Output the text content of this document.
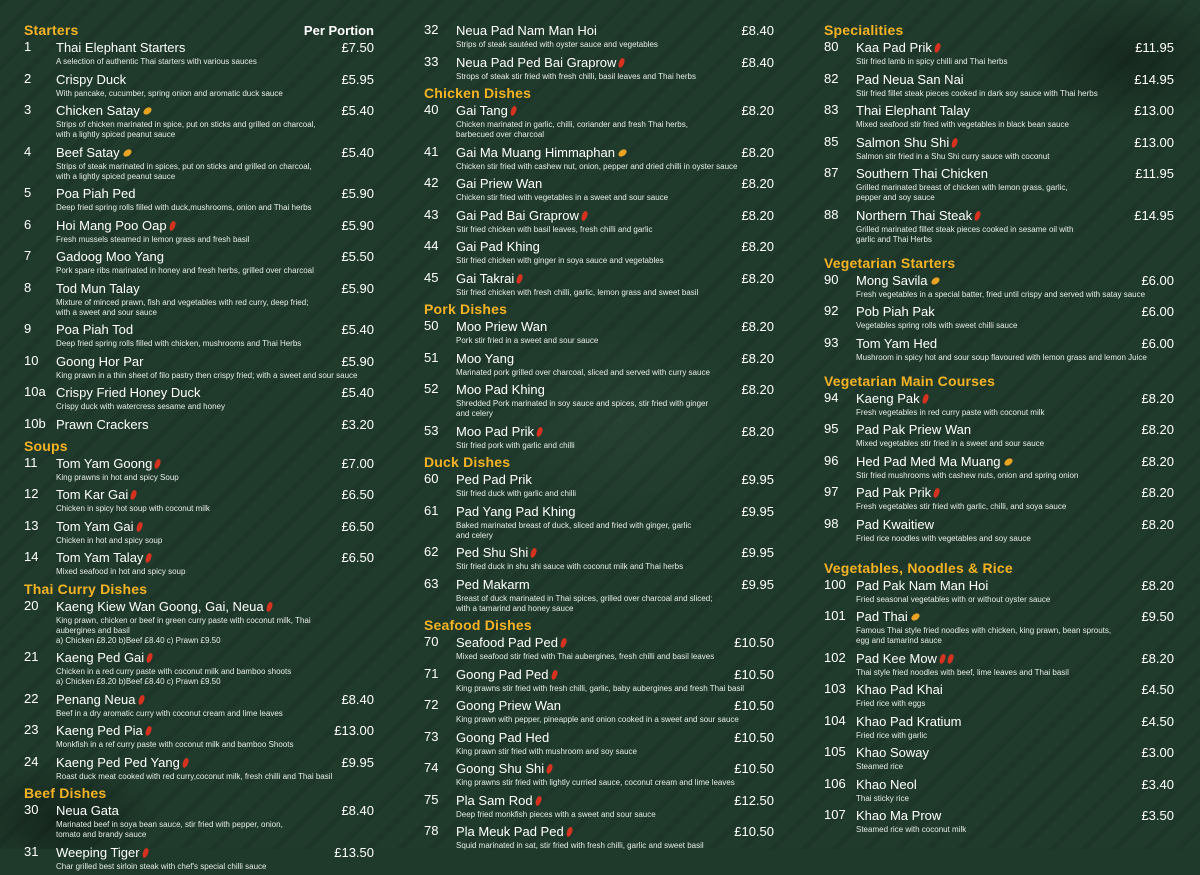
Starters	Per Portion
1 Thai Elephant Starters	£7.50
A selection of authentic Thai starters with various sauces
2 Crispy Duck	£5.95
With pancake, cucumber, spring onion and aromatic duck sauce
3 Chicken Satay	£5.40
Strips of chicken marinated in spice, put on sticks and grilled on charcoal,
with a lightly spiced peanut sauce
4 Beef Satay	£5.40
Strips of steak marinated in spices, put on sticks and grilled on charcoal,
with a lightly spiced peanut sauce
5 Poa Piah Ped	£5.90
Deep fried spring rolls filled with duck,mushrooms, onion and Thai herbs
6 Hoi Mang Poo Oap	£5.90
Fresh mussels steamed in lemon grass and fresh basil
7 Gadoog Moo Yang	£5.50
Pork spare ribs marinated in honey and fresh herbs, grilled over charcoal
8 Tod Mun Talay	£5.90
Mixture of minced prawn, fish and vegetables with red curry, deep fried;
with a sweet and sour sauce
9 Poa Piah Tod	£5.40
Deep fried spring rolls filled with chicken, mushrooms and Thai Herbs
10 Goong Hor Par	£5.90
King prawn in a thin sheet of filo pastry then crispy fried; with a sweet and sour sauce
10a Crispy Fried Honey Duck	£5.40
Crispy duck with watercress sesame and honey
10b Prawn Crackers	£3.20
Soups
11 Tom Yam Goong	£7.00
King prawns in hot and spicy Soup
12 Tom Kar Gai	£6.50
Chicken in spicy hot soup with coconut milk
13 Tom Yam Gai	£6.50
Chicken in hot and spicy soup
14 Tom Yam Talay	£6.50
Mixed seafood in hot and spicy soup
Thai Curry Dishes
20 Kaeng Kiew Wan Goong, Gai, Neua
King prawn, chicken or beef in green curry paste with coconut milk, Thai
aubergines and basil
a) Chicken £8.20 b)Beef £8.40 c) Prawn £9.50
21 Kaeng Ped Gai
Chicken in a red curry paste with coconut milk and bamboo shoots
a) Chicken £8.20 b)Beef £8.40 c) Prawn £9.50
22 Penang Neua	£8.40
Beef in a dry aromatic curry with coconut cream and lime leaves
23 Kaeng Ped Pia	£13.00
Monkfish in a ref curry paste with coconut milk and bamboo Shoots
24 Kaeng Ped Ped Yang	£9.95
Roast duck meat cooked with red curry,coconut milk, fresh chilli and Thai basil
Beef Dishes
30 Neua Gata	£8.40
Marinated beef in soya bean sauce, stir fried with pepper, onion,
tomato and brandy sauce
31 Weeping Tiger	£13.50
Char grilled best sirloin steak with chef's special chilli sauce
32 Neua Pad Nam Man Hoi	£8.40
Strips of steak sautéed with oyster sauce and vegetables
33 Neua Pad Ped Bai Graprow	£8.40
Strops of steak stir fried with fresh chilli, basil leaves and Thai herbs
Chicken Dishes
40 Gai Tang	£8.20
Chicken marinated in garlic, chilli, coriander and fresh Thai herbs,
barbecued over charcoal
41 Gai Ma Muang Himmaphan	£8.20
Chicken stir fried with cashew nut, onion, pepper and dried chilli in oyster sauce
42 Gai Priew Wan	£8.20
Chicken stir fried with vegetables in a sweet and sour sauce
43 Gai Pad Bai Graprow	£8.20
Stir fried chicken with basil leaves, fresh chilli and garlic
44 Gai Pad Khing	£8.20
Stir fried chicken with ginger in soya sauce and vegetables
45 Gai Takrai	£8.20
Stir fried chicken with fresh chilli, garlic, lemon grass and sweet basil
Pork Dishes
50 Moo Priew Wan	£8.20
Pork stir fried in a sweet and sour sauce
51 Moo Yang	£8.20
Marinated pork grilled over charcoal, sliced and served with curry sauce
52 Moo Pad Khing	£8.20
Shredded Pork marinated in soy sauce and spices, stir fried with ginger
and celery
53 Moo Pad Prik	£8.20
Stir fried pork with garlic and chilli
Duck Dishes
60 Ped Pad Prik	£9.95
Stir fried duck with garlic and chilli
61 Pad Yang Pad Khing	£9.95
Baked marinated breast of duck, sliced and fried with ginger, garlic
and celery
62 Ped Shu Shi	£9.95
Stir fried duck in shu shi sauce with coconut milk and Thai herbs
63 Ped Makarm	£9.95
Breast of duck marinated in Thai spices, grilled over charcoal and sliced;
with a tamarind and honey sauce
Seafood Dishes
70 Seafood Pad Ped	£10.50
Mixed seafood stir fried with Thai aubergines, fresh chilli and basil leaves
71 Goong Pad Ped	£10.50
King prawns stir fried with fresh chilli, garlic, baby aubergines and fresh Thai basil
72 Goong Priew Wan	£10.50
King prawn with pepper, pineapple and onion cooked in a sweet and sour sauce
73 Goong Pad Hed	£10.50
King prawn stir fried with mushroom and soy sauce
74 Goong Shu Shi	£10.50
King prawns stir fried with lightly curried sauce, coconut cream and lime leaves
75 Pla Sam Rod	£12.50
Deep fried monkfish pieces with a sweet and sour sauce
78 Pla Meuk Pad Ped	£10.50
Squid marinated in sat, stir fried with fresh chilli, garlic and sweet basil
Specialities
80 Kaa Pad Prik	£11.95
Stir fried lamb in spicy chilli and Thai herbs
82 Pad Neua San Nai	£14.95
Stir fried fillet steak pieces cooked in dark soy sauce with Thai herbs
83 Thai Elephant Talay	£13.00
Mixed seafood stir fried with vegetables in black bean sauce
85 Salmon Shu Shi	£13.00
Salmon stir fried in a Shu Shi curry sauce with coconut
87 Southern Thai Chicken	£11.95
Grilled marinated breast of chicken with lemon grass, garlic,
pepper and soy sauce
88 Northern Thai Steak	£14.95
Grilled marinated fillet steak pieces cooked in sesame oil with
garlic and Thai Herbs
Vegetarian Starters
90 Mong Savila	£6.00
Fresh vegetables in a special batter, fried until crispy and served with satay sauce
92 Pob Piah Pak	£6.00
Vegetables spring rolls with sweet chilli sauce
93 Tom Yam Hed	£6.00
Mushroom in spicy hot and sour soup flavoured with lemon grass and lemon Juice
Vegetarian Main Courses
94 Kaeng Pak	£8.20
Fresh vegetables in red curry paste with coconut milk
95 Pad Pak Priew Wan	£8.20
Mixed vegetables stir fried in a sweet and sour sauce
96 Hed Pad Med Ma Muang	£8.20
Stir fried mushrooms with cashew nuts, onion and spring onion
97 Pad Pak Prik	£8.20
Fresh vegetables stir fried with garlic, chilli, and soya sauce
98 Pad Kwaitiew	£8.20
Fried rice noodles with vegetables and soy sauce
Vegetables, Noodles & Rice
100 Pad Pak Nam Man Hoi	£8.20
Fried seasonal vegetables with or without oyster sauce
101 Pad Thai	£9.50
Famous Thai style fried noodles with chicken, king prawn, bean sprouts,
egg and tamarind sauce
102 Pad Kee Mow	£8.20
Thai style fried noodles with beef, lime leaves and Thai basil
103 Khao Pad Khai	£4.50
Fried rice with eggs
104 Khao Pad Kratium	£4.50
Fried rice with garlic
105 Khao Soway	£3.00
Steamed rice
106 Khao Neol	£3.40
Thai sticky rice
107 Khao Ma Prow	£3.50
Steamed rice with coconut milk
